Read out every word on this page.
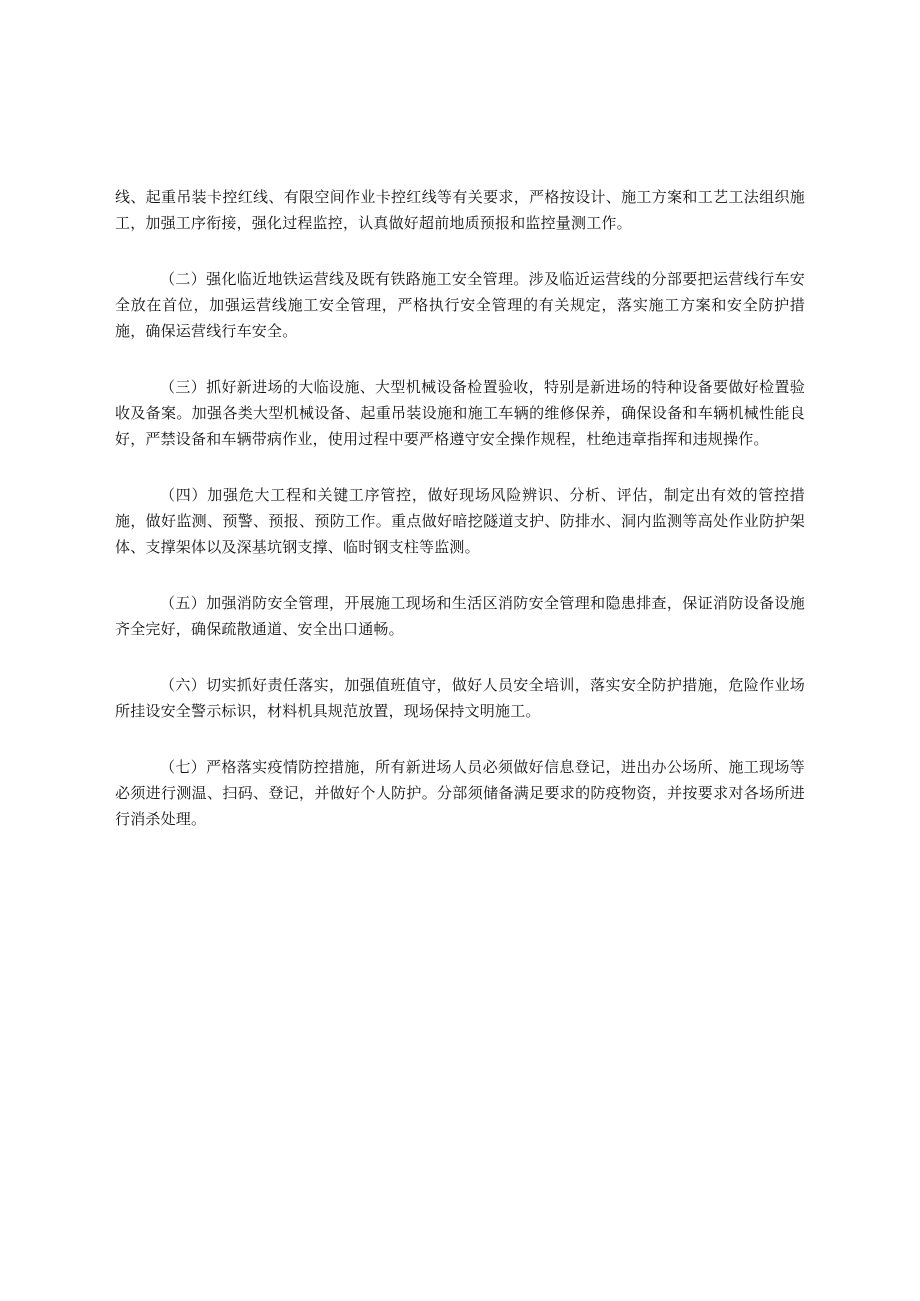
线、起重吊装卡控红线、有限空间作业卡控红线等有关要求，严格按设计、施工方案和工艺工法组织施工，加强工序衔接，强化过程监控，认真做好超前地质预报和监控量测工作。

（二）强化临近地铁运营线及既有铁路施工安全管理。涉及临近运营线的分部要把运营线行车安全放在首位，加强运营线施工安全管理，严格执行安全管理的有关规定，落实施工方案和安全防护措施，确保运营线行车安全。

（三）抓好新进场的大临设施、大型机械设备检置验收，特别是新进场的特种设备要做好检置验收及备案。加强各类大型机械设备、起重吊装设施和施工车辆的维修保养，确保设备和车辆机械性能良好，严禁设备和车辆带病作业，使用过程中要严格遵守安全操作规程，杜绝违章指挥和违规操作。

（四）加强危大工程和关键工序管控，做好现场风险辨识、分析、评估，制定出有效的管控措施，做好监测、预警、预报、预防工作。重点做好暗挖隧道支护、防排水、洞内监测等高处作业防护架体、支撑架体以及深基坑钢支撑、临时钢支柱等监测。

（五）加强消防安全管理，开展施工现场和生活区消防安全管理和隐患排查，保证消防设备设施齐全完好，确保疏散通道、安全出口通畅。

（六）切实抓好责任落实，加强值班值守，做好人员安全培训，落实安全防护措施，危险作业场所挂设安全警示标识，材料机具规范放置，现场保持文明施工。

（七）严格落实疫情防控措施，所有新进场人员必须做好信息登记，进出办公场所、施工现场等必须进行测温、扫码、登记，并做好个人防护。分部须储备满足要求的防疫物资，并按要求对各场所进行消杀处理。
